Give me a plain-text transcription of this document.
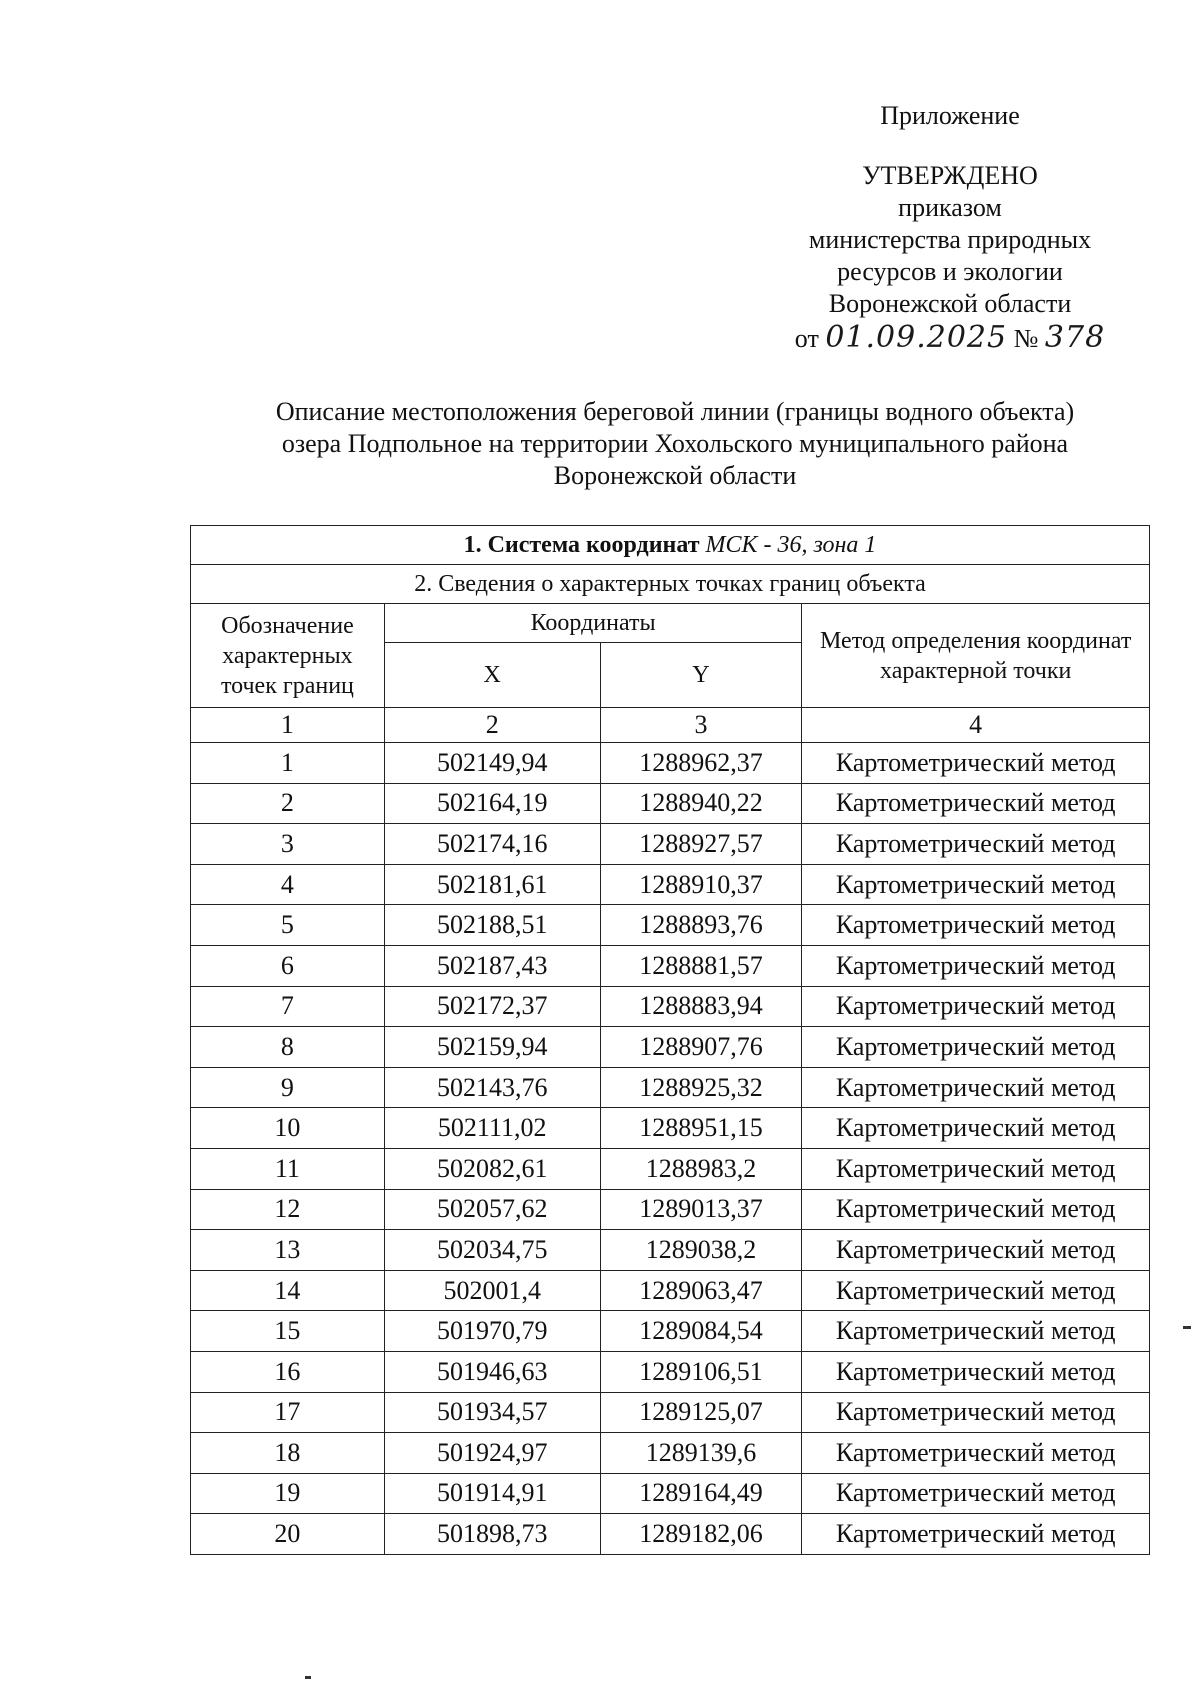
Приложение
УТВЕРЖДЕНО
приказом
министерства природных
ресурсов и экологии
Воронежской области
от 01.09.2025 № 378
Описание местоположения береговой линии (границы водного объекта)
озера Подпольное на территории Хохольского муниципального района
Воронежской области
1. Система координат МСК - 36, зона 1			
2. Сведения о характерных точках границ объекта			
Обозначение характерных точек границ	Координаты		Метод определения координат характерной точки
	X	Y	
1	2	3	4
1	502149,94	1288962,37	Картометрический метод
2	502164,19	1288940,22	Картометрический метод
3	502174,16	1288927,57	Картометрический метод
4	502181,61	1288910,37	Картометрический метод
5	502188,51	1288893,76	Картометрический метод
6	502187,43	1288881,57	Картометрический метод
7	502172,37	1288883,94	Картометрический метод
8	502159,94	1288907,76	Картометрический метод
9	502143,76	1288925,32	Картометрический метод
10	502111,02	1288951,15	Картометрический метод
11	502082,61	1288983,2	Картометрический метод
12	502057,62	1289013,37	Картометрический метод
13	502034,75	1289038,2	Картометрический метод
14	502001,4	1289063,47	Картометрический метод
15	501970,79	1289084,54	Картометрический метод
16	501946,63	1289106,51	Картометрический метод
17	501934,57	1289125,07	Картометрический метод
18	501924,97	1289139,6	Картометрический метод
19	501914,91	1289164,49	Картометрический метод
20	501898,73	1289182,06	Картометрический метод
